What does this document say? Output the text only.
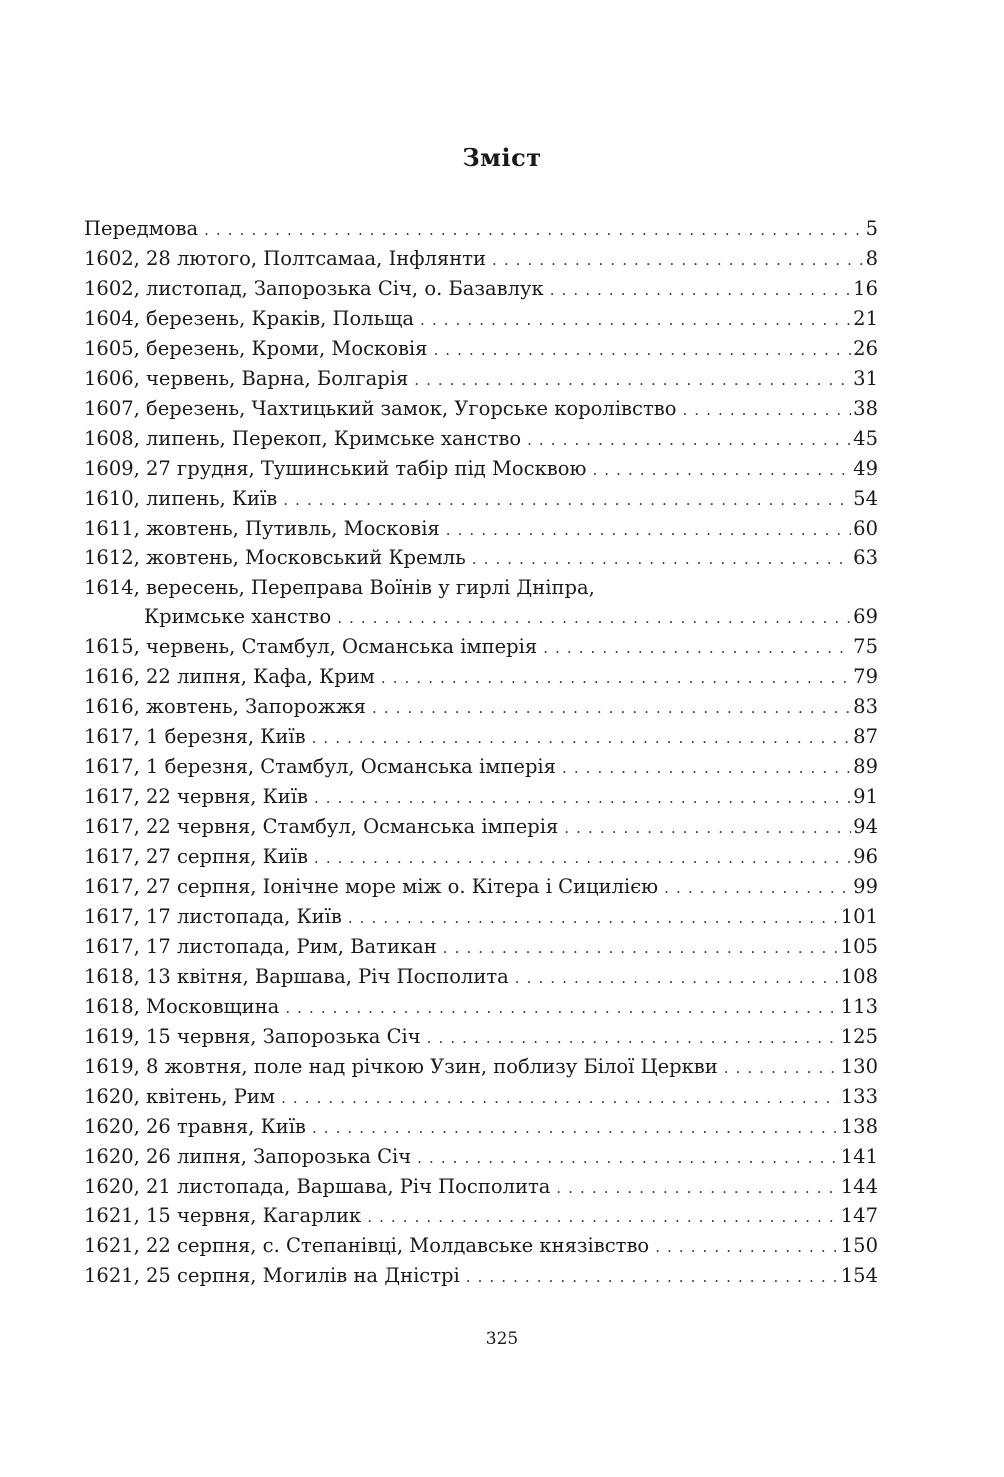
Зміст
Передмова . . .	5
1602, 28 лютого, Полтсамаа, Інфлянти . . .	8
1602, листопад, Запорозька Січ, о. Базавлук . . .	16
1604, березень, Краків, Польща . . .	21
1605, березень, Кроми, Московія . . .	26
1606, червень, Варна, Болгарія . . .	31
1607, березень, Чахтицький замок, Угорське королівство . . .	38
1608, липень, Перекоп, Кримське ханство . . .	45
1609, 27 грудня, Тушинський табір під Москвою . . .	49
1610, липень, Київ . . .	54
1611, жовтень, Путивль, Московія . . .	60
1612, жовтень, Московський Кремль . . .	63
1614, вересень, Переправа Воїнів у гирлі Дніпра,
Кримське ханство . . .	69
1615, червень, Стамбул, Османська імперія . . .	75
1616, 22 липня, Кафа, Крим . . .	79
1616, жовтень, Запорожжя . . .	83
1617, 1 березня, Київ . . .	87
1617, 1 березня, Стамбул, Османська імперія . . .	89
1617, 22 червня, Київ . . .	91
1617, 22 червня, Стамбул, Османська імперія . . .	94
1617, 27 серпня, Київ . . .	96
1617, 27 серпня, Іонічне море між о. Кітера і Сицилією . . .	99
1617, 17 листопада, Київ . . .	101
1617, 17 листопада, Рим, Ватикан . . .	105
1618, 13 квітня, Варшава, Річ Посполита . . .	108
1618, Московщина . . .	113
1619, 15 червня, Запорозька Січ . . .	125
1619, 8 жовтня, поле над річкою Узин, поблизу Білої Церкви . . .	130
1620, квітень, Рим . . .	133
1620, 26 травня, Київ . . .	138
1620, 26 липня, Запорозька Січ . . .	141
1620, 21 листопада, Варшава, Річ Посполита . . .	144
1621, 15 червня, Кагарлик . . .	147
1621, 22 серпня, с. Степанівці, Молдавське князівство . . .	150
1621, 25 серпня, Могилів на Дністрі . . .	154
325
